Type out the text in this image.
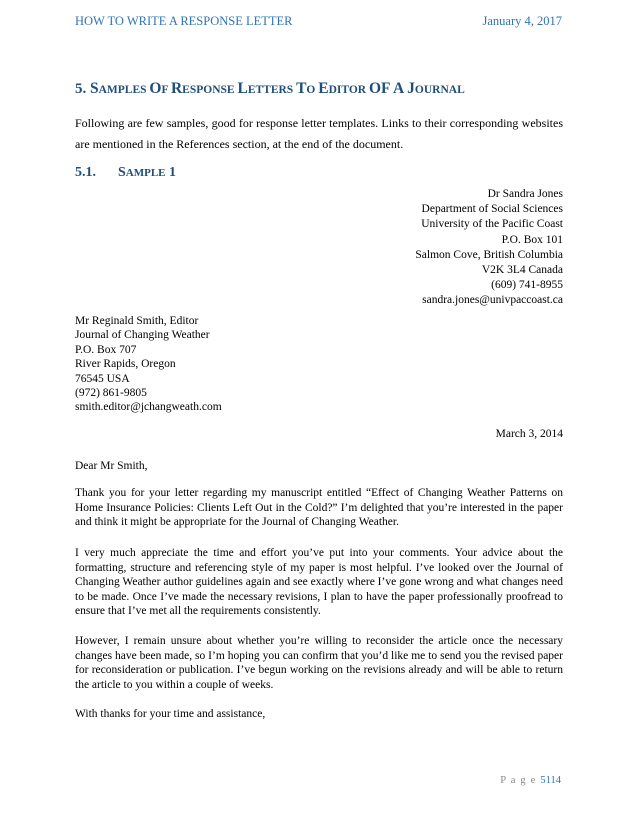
HOW TO WRITE A RESPONSE LETTER	January 4, 2017
5. SAMPLES OF RESPONSE LETTERS TO EDITOR OF A JOURNAL
Following are few samples, good for response letter templates. Links to their corresponding websites are mentioned in the References section, at the end of the document.
5.1. SAMPLE 1
Dr Sandra Jones
Department of Social Sciences
University of the Pacific Coast
P.O. Box 101
Salmon Cove, British Columbia
V2K 3L4 Canada
(609) 741-8955
sandra.jones@univpaccoast.ca
Mr Reginald Smith, Editor
Journal of Changing Weather
P.O. Box 707
River Rapids, Oregon
76545 USA
(972) 861-9805
smith.editor@jchangweath.com
March 3, 2014
Dear Mr Smith,
Thank you for your letter regarding my manuscript entitled “Effect of Changing Weather Patterns on Home Insurance Policies: Clients Left Out in the Cold?” I’m delighted that you’re interested in the paper and think it might be appropriate for the Journal of Changing Weather.
I very much appreciate the time and effort you’ve put into your comments. Your advice about the formatting, structure and referencing style of my paper is most helpful. I’ve looked over the Journal of Changing Weather author guidelines again and see exactly where I’ve gone wrong and what changes need to be made. Once I’ve made the necessary revisions, I plan to have the paper professionally proofread to ensure that I’ve met all the requirements consistently.
However, I remain unsure about whether you’re willing to reconsider the article once the necessary changes have been made, so I’m hoping you can confirm that you’d like me to send you the revised paper for reconsideration or publication. I’ve begun working on the revisions already and will be able to return the article to you within a couple of weeks.
With thanks for your time and assistance,
P a g e 5114
